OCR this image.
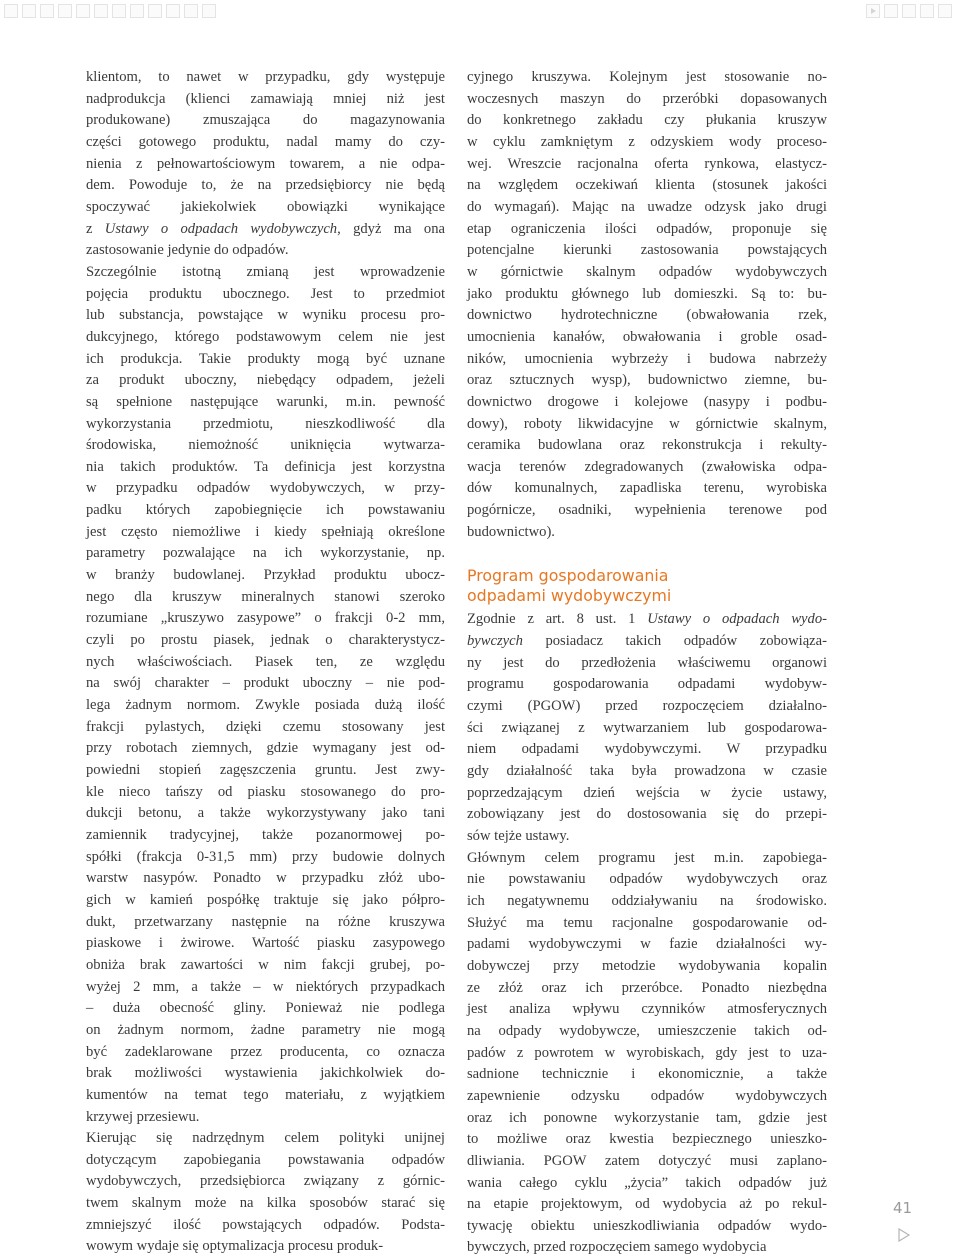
klientom, to nawet w przypadku, gdy występuje

nadprodukcja (klienci zamawiają mniej niż jest

produkowane) zmuszająca do magazynowania

części gotowego produktu, nadal mamy do czy-

nienia z pełnowartościowym towarem, a nie odpa-

dem. Powoduje to, że na przedsiębiorcy nie będą

spoczywać jakiekolwiek obowiązki wynikające

z Ustawy o odpadach wydobywczych, gdyż ma ona

zastosowanie jedynie do odpadów.

Szczególnie istotną zmianą jest wprowadzenie

pojęcia produktu ubocznego. Jest to przedmiot

lub substancja, powstające w wyniku procesu pro-

dukcyjnego, którego podstawowym celem nie jest

ich produkcja. Takie produkty mogą być uznane

za produkt uboczny, niebędący odpadem, jeżeli

są spełnione następujące warunki, m.in. pewność

wykorzystania przedmiotu, nieszkodliwość dla

środowiska, niemożność uniknięcia wytwarza-

nia takich produktów. Ta definicja jest korzystna

w przypadku odpadów wydobywczych, w przy-

padku których zapobiegnięcie ich powstawaniu

jest często niemożliwe i kiedy spełniają określone

parametry pozwalające na ich wykorzystanie, np.

w branży budowlanej. Przykład produktu ubocz-

nego dla kruszyw mineralnych stanowi szeroko

rozumiane „kruszywo zasypowe” o frakcji 0-2 mm,

czyli po prostu piasek, jednak o charakterystycz-

nych właściwościach. Piasek ten, ze względu

na swój charakter – produkt uboczny – nie pod-

lega żadnym normom. Zwykle posiada dużą ilość

frakcji pylastych, dzięki czemu stosowany jest

przy robotach ziemnych, gdzie wymagany jest od-

powiedni stopień zagęszczenia gruntu. Jest zwy-

kle nieco tańszy od piasku stosowanego do pro-

dukcji betonu, a także wykorzystywany jako tani

zamiennik tradycyjnej, także pozanormowej po-

spółki (frakcja 0-31,5 mm) przy budowie dolnych

warstw nasypów. Ponadto w przypadku złóż ubo-

gich w kamień pospółkę traktuje się jako półpro-

dukt, przetwarzany następnie na różne kruszywa

piaskowe i żwirowe. Wartość piasku zasypowego

obniża brak zawartości w nim fakcji grubej, po-

wyżej 2 mm, a także – w niektórych przypadkach

– duża obecność gliny. Ponieważ nie podlega

on żadnym normom, żadne parametry nie mogą

być zadeklarowane przez producenta, co oznacza

brak możliwości wystawienia jakichkolwiek do-

kumentów na temat tego materiału, z wyjątkiem

krzywej przesiewu.

Kierując się nadrzędnym celem polityki unijnej

dotyczącym zapobiegania powstawania odpadów

wydobywczych, przedsiębiorca związany z górnic-

twem skalnym może na kilka sposobów starać się

zmniejszyć ilość powstających odpadów. Podsta-

wowym wydaje się optymalizacja procesu produk-

cyjnego kruszywa. Kolejnym jest stosowanie no-

woczesnych maszyn do przeróbki dopasowanych

do konkretnego zakładu czy płukania kruszyw

w cyklu zamkniętym z odzyskiem wody proceso-

wej. Wreszcie racjonalna oferta rynkowa, elastycz-

na względem oczekiwań klienta (stosunek jakości

do wymagań). Mając na uwadze odzysk jako drugi

etap ograniczenia ilości odpadów, proponuje się

potencjalne kierunki zastosowania powstających

w górnictwie skalnym odpadów wydobywczych

jako produktu głównego lub domieszki. Są to: bu-

downictwo hydrotechniczne (obwałowania rzek,

umocnienia kanałów, obwałowania i groble osad-

ników, umocnienia wybrzeży i budowa nabrzeży

oraz sztucznych wysp), budownictwo ziemne, bu-

downictwo drogowe i kolejowe (nasypy i podbu-

dowy), roboty likwidacyjne w górnictwie skalnym,

ceramika budowlana oraz rekonstrukcja i rekulty-

wacja terenów zdegradowanych (zwałowiska odpa-

dów komunalnych, zapadliska terenu, wyrobiska

pogórnicze, osadniki, wypełnienia terenowe pod

budownictwo).

Program gospodarowania
odpadami wydobywczymi

Zgodnie z art. 8 ust. 1 Ustawy o odpadach wydo-

bywczych posiadacz takich odpadów zobowiąza-

ny jest do przedłożenia właściwemu organowi

programu gospodarowania odpadami wydobyw-

czymi (PGOW) przed rozpoczęciem działalno-

ści związanej z wytwarzaniem lub gospodarowa-

niem odpadami wydobywczymi. W przypadku

gdy działalność taka była prowadzona w czasie

poprzedzającym dzień wejścia w życie ustawy,

zobowiązany jest do dostosowania się do przepi-

sów tejże ustawy.

Głównym celem programu jest m.in. zapobiega-

nie powstawaniu odpadów wydobywczych oraz

ich negatywnemu oddziaływaniu na środowisko.

Służyć ma temu racjonalne gospodarowanie od-

padami wydobywczymi w fazie działalności wy-

dobywczej przy metodzie wydobywania kopalin

ze złóż oraz ich przeróbce. Ponadto niezbędna

jest analiza wpływu czynników atmosferycznych

na odpady wydobywcze, umieszczenie takich od-

padów z powrotem w wyrobiskach, gdy jest to uza-

sadnione technicznie i ekonomicznie, a także

zapewnienie odzysku odpadów wydobywczych

oraz ich ponowne wykorzystanie tam, gdzie jest

to możliwe oraz kwestia bezpiecznego unieszko-

dliwiania. PGOW zatem dotyczyć musi zaplano-

wania całego cyklu „życia” takich odpadów już

na etapie projektowym, od wydobycia aż po rekul-

tywację obiektu unieszkodliwiania odpadów wydo-

bywczych, przed rozpoczęciem samego wydobycia

41
